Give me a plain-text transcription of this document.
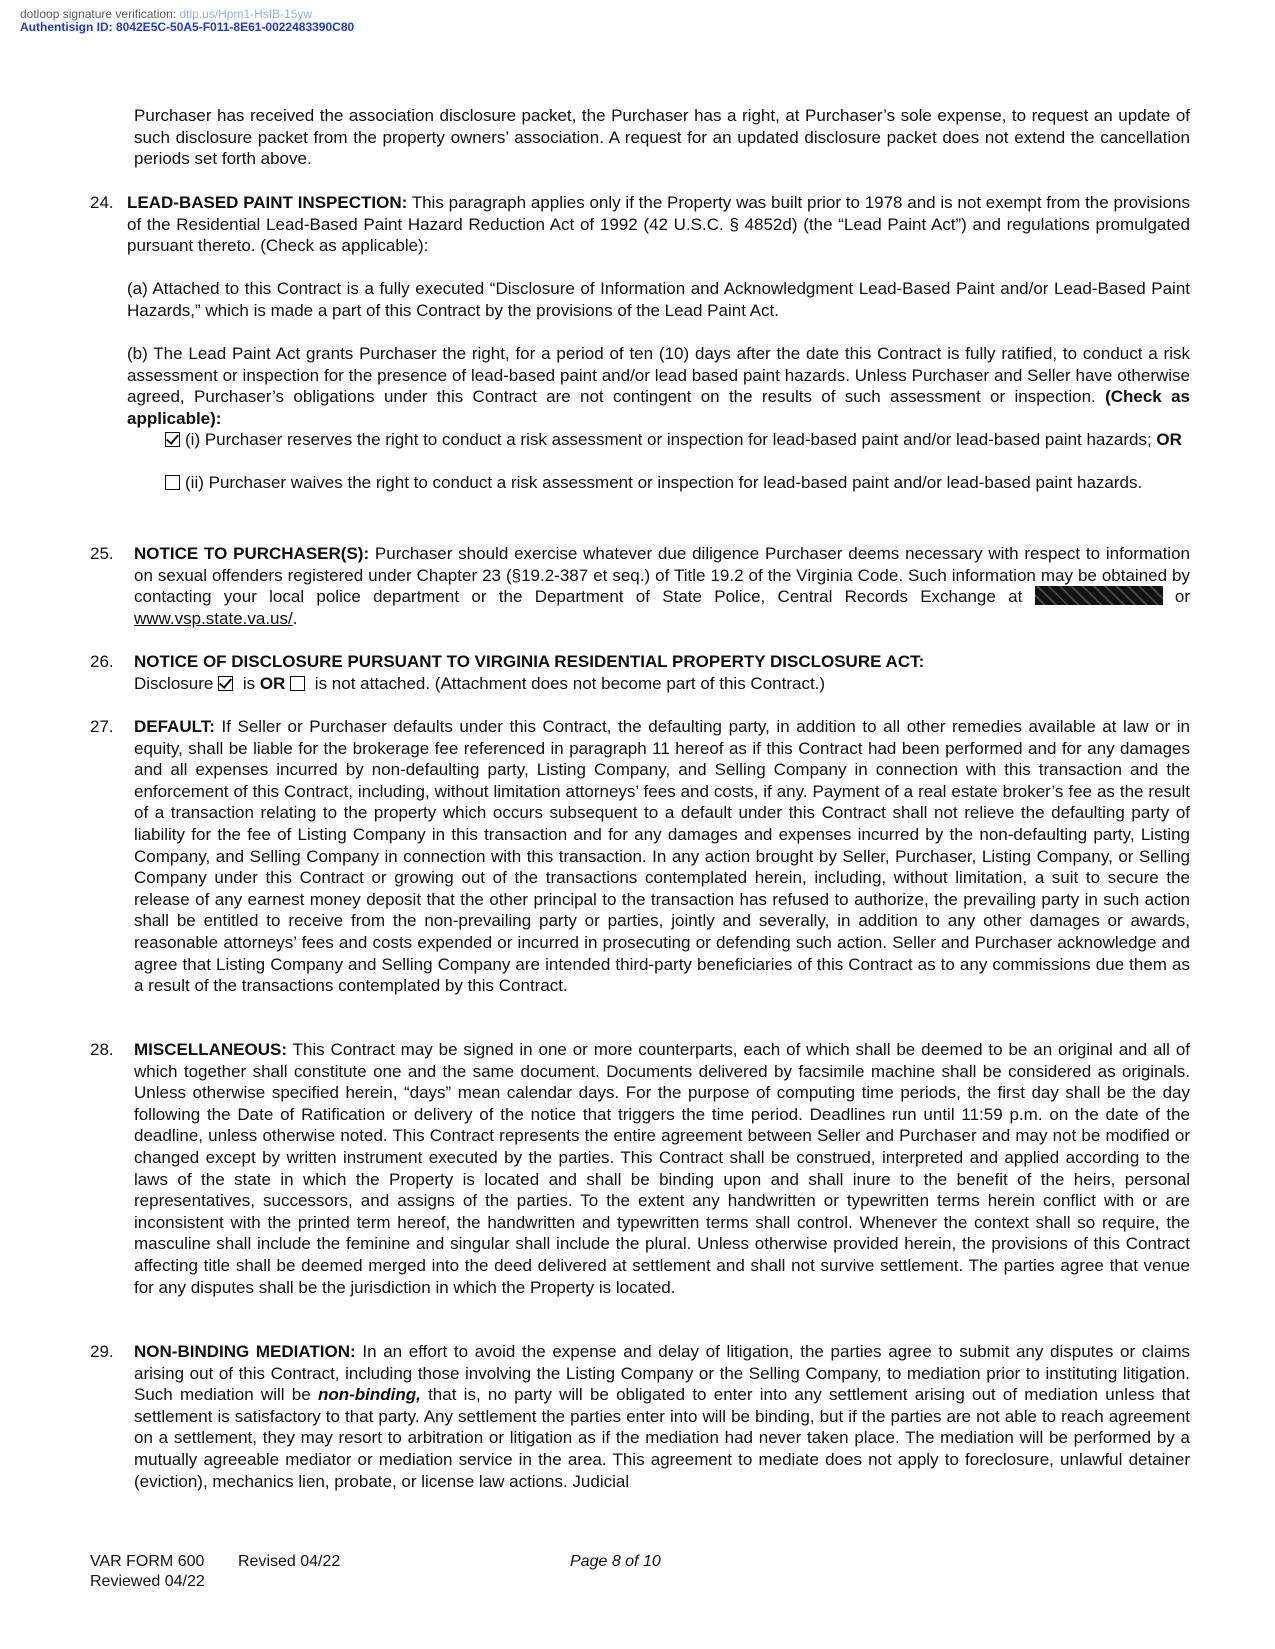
dotloop signature verification: dtlp.us/Hpm1-HsIB-15yw
Authentisign ID: 8042E5C-50A5-F011-8E61-0022483390C80
Purchaser has received the association disclosure packet, the Purchaser has a right, at Purchaser’s sole expense, to request an update of such disclosure packet from the property owners’ association. A request for an updated disclosure packet does not extend the cancellation periods set forth above.
24. LEAD-BASED PAINT INSPECTION: This paragraph applies only if the Property was built prior to 1978 and is not exempt from the provisions of the Residential Lead-Based Paint Hazard Reduction Act of 1992 (42 U.S.C. § 4852d) (the “Lead Paint Act”) and regulations promulgated pursuant thereto. (Check as applicable):
(a) Attached to this Contract is a fully executed “Disclosure of Information and Acknowledgment Lead-Based Paint and/or Lead-Based Paint Hazards,” which is made a part of this Contract by the provisions of the Lead Paint Act.
(b) The Lead Paint Act grants Purchaser the right, for a period of ten (10) days after the date this Contract is fully ratified, to conduct a risk assessment or inspection for the presence of lead-based paint and/or lead based paint hazards. Unless Purchaser and Seller have otherwise agreed, Purchaser’s obligations under this Contract are not contingent on the results of such assessment or inspection. (Check as applicable):
(i) Purchaser reserves the right to conduct a risk assessment or inspection for lead-based paint and/or lead-based paint hazards; OR
(ii) Purchaser waives the right to conduct a risk assessment or inspection for lead-based paint and/or lead-based paint hazards.
25. NOTICE TO PURCHASER(S): Purchaser should exercise whatever due diligence Purchaser deems necessary with respect to information on sexual offenders registered under Chapter 23 (§19.2-387 et seq.) of Title 19.2 of the Virginia Code. Such information may be obtained by contacting your local police department or the Department of State Police, Central Records Exchange at	or www.vsp.state.va.us/.
26. NOTICE OF DISCLOSURE PURSUANT TO VIRGINIA RESIDENTIAL PROPERTY DISCLOSURE ACT:
Disclosure  is OR  is not attached. (Attachment does not become part of this Contract.)
27. DEFAULT: If Seller or Purchaser defaults under this Contract, the defaulting party, in addition to all other remedies available at law or in equity, shall be liable for the brokerage fee referenced in paragraph 11 hereof as if this Contract had been performed and for any damages and all expenses incurred by non-defaulting party, Listing Company, and Selling Company in connection with this transaction and the enforcement of this Contract, including, without limitation attorneys’ fees and costs, if any. Payment of a real estate broker’s fee as the result of a transaction relating to the property which occurs subsequent to a default under this Contract shall not relieve the defaulting party of liability for the fee of Listing Company in this transaction and for any damages and expenses incurred by the non-defaulting party, Listing Company, and Selling Company in connection with this transaction. In any action brought by Seller, Purchaser, Listing Company, or Selling Company under this Contract or growing out of the transactions contemplated herein, including, without limitation, a suit to secure the release of any earnest money deposit that the other principal to the transaction has refused to authorize, the prevailing party in such action shall be entitled to receive from the non-prevailing party or parties, jointly and severally, in addition to any other damages or awards, reasonable attorneys’ fees and costs expended or incurred in prosecuting or defending such action. Seller and Purchaser acknowledge and agree that Listing Company and Selling Company are intended third-party beneficiaries of this Contract as to any commissions due them as a result of the transactions contemplated by this Contract.
28. MISCELLANEOUS: This Contract may be signed in one or more counterparts, each of which shall be deemed to be an original and all of which together shall constitute one and the same document. Documents delivered by facsimile machine shall be considered as originals. Unless otherwise specified herein, “days” mean calendar days. For the purpose of computing time periods, the first day shall be the day following the Date of Ratification or delivery of the notice that triggers the time period. Deadlines run until 11:59 p.m. on the date of the deadline, unless otherwise noted. This Contract represents the entire agreement between Seller and Purchaser and may not be modified or changed except by written instrument executed by the parties. This Contract shall be construed, interpreted and applied according to the laws of the state in which the Property is located and shall be binding upon and shall inure to the benefit of the heirs, personal representatives, successors, and assigns of the parties. To the extent any handwritten or typewritten terms herein conflict with or are inconsistent with the printed term hereof, the handwritten and typewritten terms shall control. Whenever the context shall so require, the masculine shall include the feminine and singular shall include the plural. Unless otherwise provided herein, the provisions of this Contract affecting title shall be deemed merged into the deed delivered at settlement and shall not survive settlement. The parties agree that venue for any disputes shall be the jurisdiction in which the Property is located.
29. NON-BINDING MEDIATION: In an effort to avoid the expense and delay of litigation, the parties agree to submit any disputes or claims arising out of this Contract, including those involving the Listing Company or the Selling Company, to mediation prior to instituting litigation. Such mediation will be non-binding, that is, no party will be obligated to enter into any settlement arising out of mediation unless that settlement is satisfactory to that party. Any settlement the parties enter into will be binding, but if the parties are not able to reach agreement on a settlement, they may resort to arbitration or litigation as if the mediation had never taken place. The mediation will be performed by a mutually agreeable mediator or mediation service in the area. This agreement to mediate does not apply to foreclosure, unlawful detainer (eviction), mechanics lien, probate, or license law actions. Judicial
VAR FORM 600 Revised 04/22
Reviewed 04/22
Page 8 of 10
